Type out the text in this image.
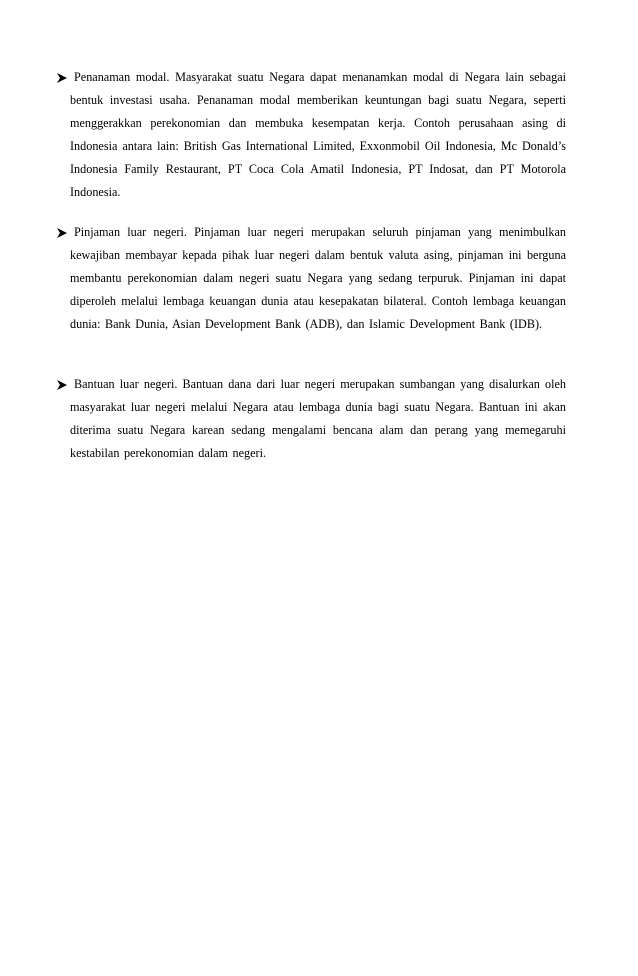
Penanaman modal. Masyarakat suatu Negara dapat menanamkan modal di Negara lain sebagai bentuk investasi usaha. Penanaman modal memberikan keuntungan bagi suatu Negara, seperti menggerakkan perekonomian dan membuka kesempatan kerja. Contoh perusahaan asing di Indonesia antara lain: British Gas International Limited, Exxonmobil Oil Indonesia, Mc Donald’s Indonesia Family Restaurant, PT Coca Cola Amatil Indonesia, PT Indosat, dan PT Motorola Indonesia.
Pinjaman luar negeri. Pinjaman luar negeri merupakan seluruh pinjaman yang menimbulkan kewajiban membayar kepada pihak luar negeri dalam bentuk valuta asing, pinjaman ini berguna membantu perekonomian dalam negeri suatu Negara yang sedang terpuruk. Pinjaman ini dapat diperoleh melalui lembaga keuangan dunia atau kesepakatan bilateral. Contoh lembaga keuangan dunia: Bank Dunia, Asian Development Bank (ADB), dan Islamic Development Bank (IDB).
Bantuan luar negeri. Bantuan dana dari luar negeri merupakan sumbangan yang disalurkan oleh masyarakat luar negeri melalui Negara atau lembaga dunia bagi suatu Negara. Bantuan ini akan diterima suatu Negara karean sedang mengalami bencana alam dan perang yang memegaruhi kestabilan perekonomian dalam negeri.
